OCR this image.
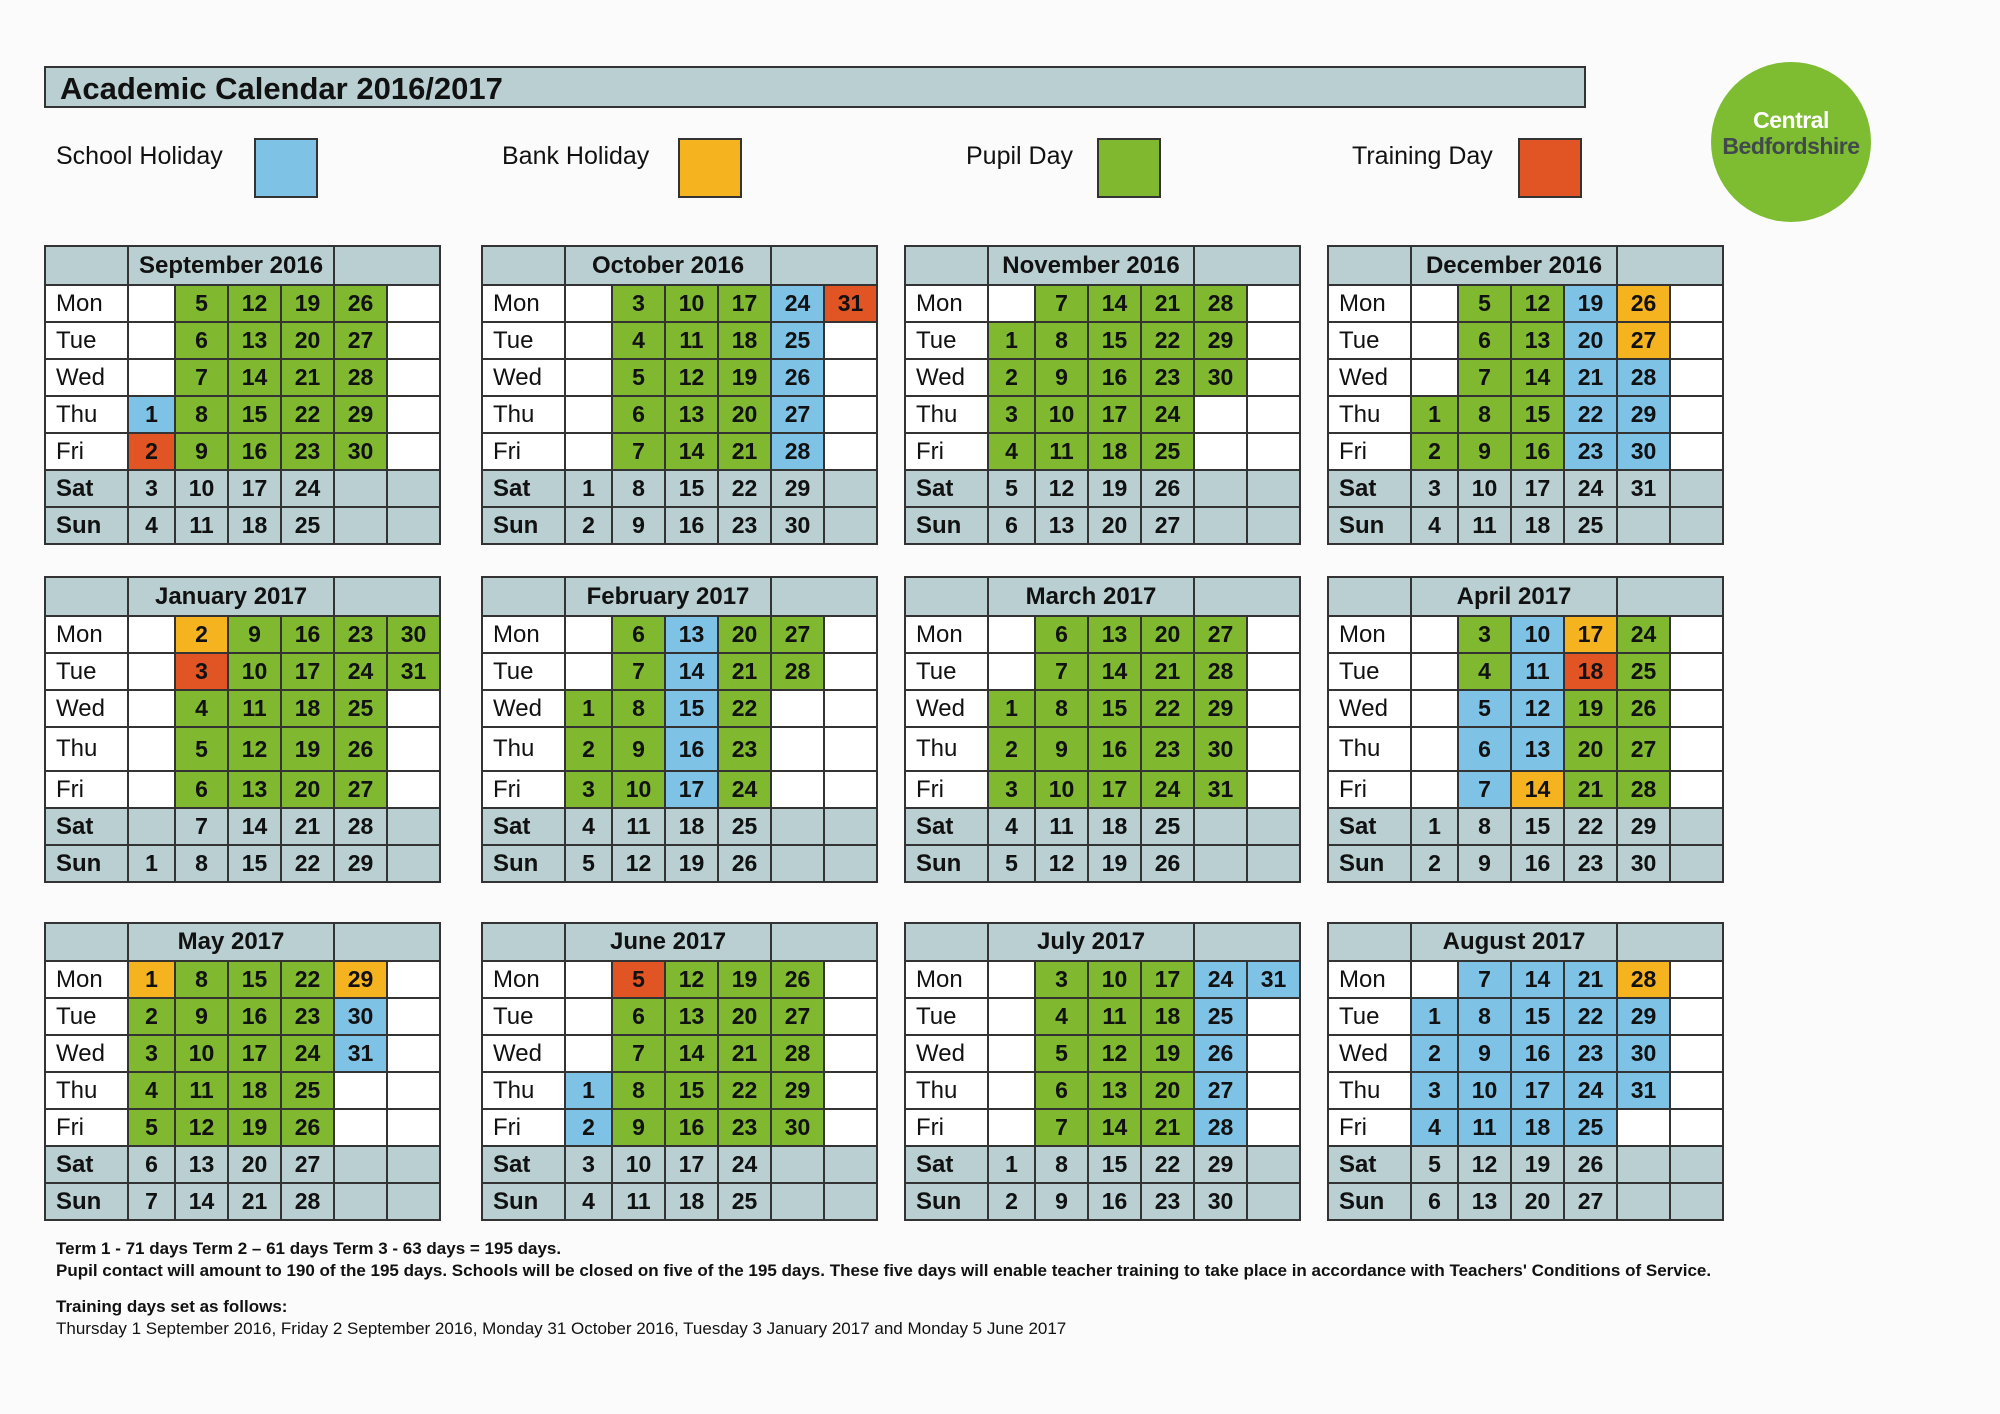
Academic Calendar 2016/2017
School Holiday	Bank Holiday	Pupil Day	Training Day
Central
Bedfordshire
	September 2016					
Mon		5	12	19	26	
Tue		6	13	20	27	
Wed		7	14	21	28	
Thu	1	8	15	22	29	
Fri	2	9	16	23	30	
Sat	3	10	17	24		
Sun	4	11	18	25		
	October 2016					
Mon		3	10	17	24	31
Tue		4	11	18	25	
Wed		5	12	19	26	
Thu		6	13	20	27	
Fri		7	14	21	28	
Sat	1	8	15	22	29	
Sun	2	9	16	23	30	
	November 2016					
Mon		7	14	21	28	
Tue	1	8	15	22	29	
Wed	2	9	16	23	30	
Thu	3	10	17	24		
Fri	4	11	18	25		
Sat	5	12	19	26		
Sun	6	13	20	27		
	December 2016					
Mon		5	12	19	26	
Tue		6	13	20	27	
Wed		7	14	21	28	
Thu	1	8	15	22	29	
Fri	2	9	16	23	30	
Sat	3	10	17	24	31	
Sun	4	11	18	25		
	January 2017					
Mon		2	9	16	23	30
Tue		3	10	17	24	31
Wed		4	11	18	25	
Thu		5	12	19	26	
Fri		6	13	20	27	
Sat		7	14	21	28	
Sun	1	8	15	22	29	
	February 2017					
Mon		6	13	20	27	
Tue		7	14	21	28	
Wed	1	8	15	22		
Thu	2	9	16	23		
Fri	3	10	17	24		
Sat	4	11	18	25		
Sun	5	12	19	26		
	March 2017					
Mon		6	13	20	27	
Tue		7	14	21	28	
Wed	1	8	15	22	29	
Thu	2	9	16	23	30	
Fri	3	10	17	24	31	
Sat	4	11	18	25		
Sun	5	12	19	26		
	April 2017					
Mon		3	10	17	24	
Tue		4	11	18	25	
Wed		5	12	19	26	
Thu		6	13	20	27	
Fri		7	14	21	28	
Sat	1	8	15	22	29	
Sun	2	9	16	23	30	
	May 2017					
Mon	1	8	15	22	29	
Tue	2	9	16	23	30	
Wed	3	10	17	24	31	
Thu	4	11	18	25		
Fri	5	12	19	26		
Sat	6	13	20	27		
Sun	7	14	21	28		
	June 2017					
Mon		5	12	19	26	
Tue		6	13	20	27	
Wed		7	14	21	28	
Thu	1	8	15	22	29	
Fri	2	9	16	23	30	
Sat	3	10	17	24		
Sun	4	11	18	25		
	July 2017					
Mon		3	10	17	24	31
Tue		4	11	18	25	
Wed		5	12	19	26	
Thu		6	13	20	27	
Fri		7	14	21	28	
Sat	1	8	15	22	29	
Sun	2	9	16	23	30	
	August 2017					
Mon		7	14	21	28	
Tue	1	8	15	22	29	
Wed	2	9	16	23	30	
Thu	3	10	17	24	31	
Fri	4	11	18	25		
Sat	5	12	19	26		
Sun	6	13	20	27		
Term 1 - 71 days Term 2 – 61 days Term 3 - 63 days = 195 days.
Pupil contact will amount to 190 of the 195 days. Schools will be closed on five of the 195 days. These five days will enable teacher training to take place in accordance with Teachers' Conditions of Service.
Training days set as follows:
Thursday 1 September 2016, Friday 2 September 2016, Monday 31 October 2016, Tuesday 3 January 2017 and Monday 5 June 2017
